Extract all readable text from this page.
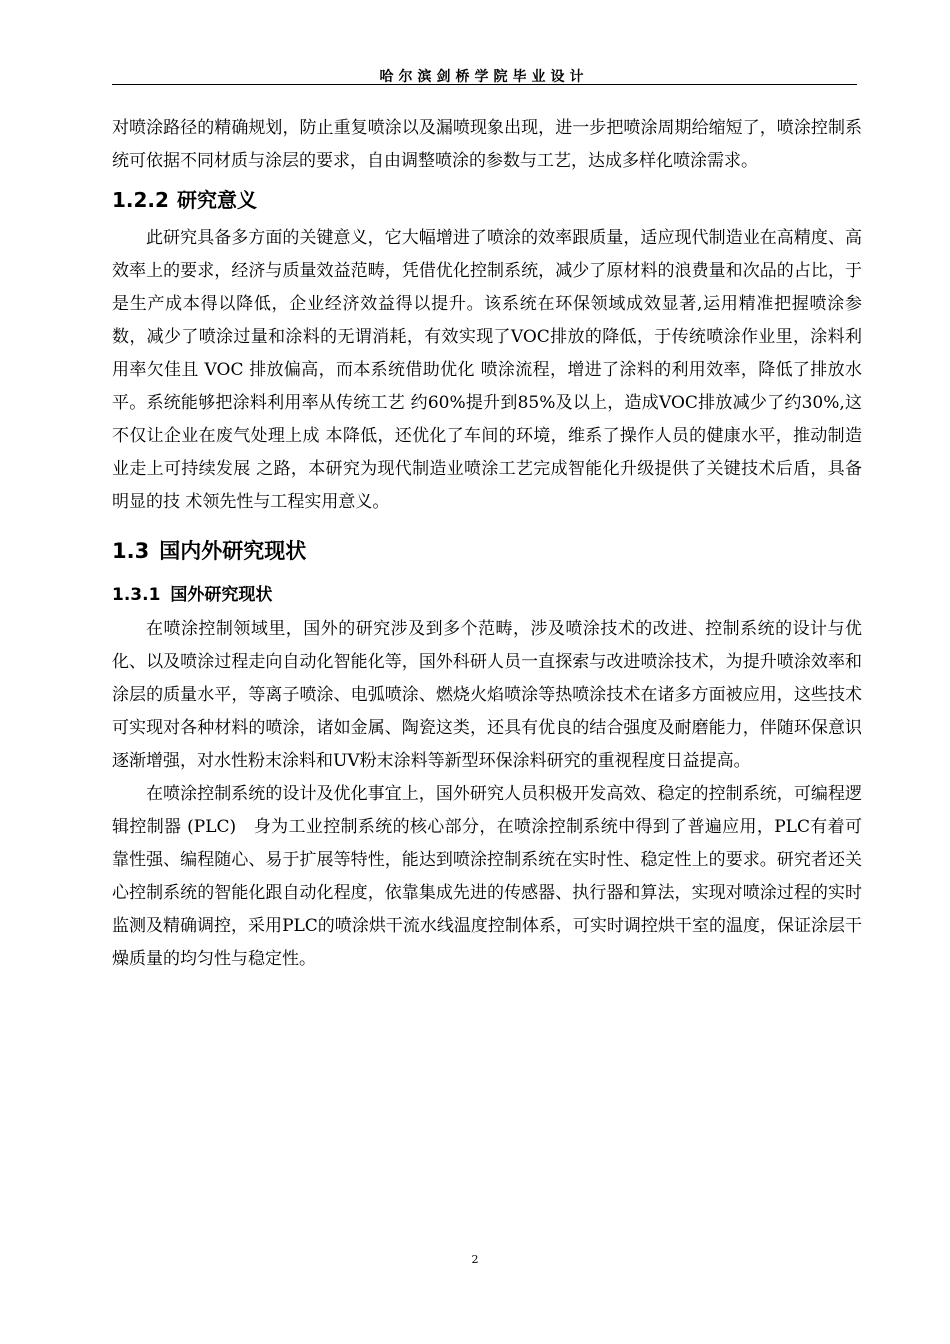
哈尔滨剑桥学院毕业设计

对喷涂路径的精确规划，防止重复喷涂以及漏喷现象出现，进一步把喷涂周期给缩短了，喷涂控制系统可依据不同材质与涂层的要求，自由调整喷涂的参数与工艺，达成多样化喷涂需求。

1.2.2 研究意义

此研究具备多方面的关键意义，它大幅增进了喷涂的效率跟质量，适应现代制造业在高精度、高效率上的要求，经济与质量效益范畴，凭借优化控制系统，减少了原材料的浪费量和次品的占比，于是生产成本得以降低，企业经济效益得以提升。该系统在环保领域成效显著,运用精准把握喷涂参数，减少了喷涂过量和涂料的无谓消耗，有效实现了VOC排放的降低，于传统喷涂作业里，涂料利用率欠佳且 VOC 排放偏高，而本系统借助优化 喷涂流程，增进了涂料的利用效率，降低了排放水平。系统能够把涂料利用率从传统工艺 约60%提升到85%及以上，造成VOC排放减少了约30%,这不仅让企业在废气处理上成 本降低，还优化了车间的环境，维系了操作人员的健康水平，推动制造业走上可持续发展 之路，本研究为现代制造业喷涂工艺完成智能化升级提供了关键技术后盾，具备明显的技 术领先性与工程实用意义。

1.3 国内外研究现状
1.3.1 国外研究现状

在喷涂控制领域里，国外的研究涉及到多个范畴，涉及喷涂技术的改进、控制系统的设计与优化、以及喷涂过程走向自动化智能化等，国外科研人员一直探索与改进喷涂技术，为提升喷涂效率和涂层的质量水平，等离子喷涂、电弧喷涂、燃烧火焰喷涂等热喷涂技术在诸多方面被应用，这些技术可实现对各种材料的喷涂，诸如金属、陶瓷这类，还具有优良的结合强度及耐磨能力，伴随环保意识逐渐增强，对水性粉末涂料和UV粉末涂料等新型环保涂料研究的重视程度日益提高。

在喷涂控制系统的设计及优化事宜上，国外研究人员积极开发高效、稳定的控制系统，可编程逻辑控制器 (PLC)　身为工业控制系统的核心部分，在喷涂控制系统中得到了普遍应用，PLC有着可靠性强、编程随心、易于扩展等特性，能达到喷涂控制系统在实时性、稳定性上的要求。研究者还关心控制系统的智能化跟自动化程度，依靠集成先进的传感器、执行器和算法，实现对喷涂过程的实时监测及精确调控，采用PLC的喷涂烘干流水线温度控制体系，可实时调控烘干室的温度，保证涂层干燥质量的均匀性与稳定性。

2
